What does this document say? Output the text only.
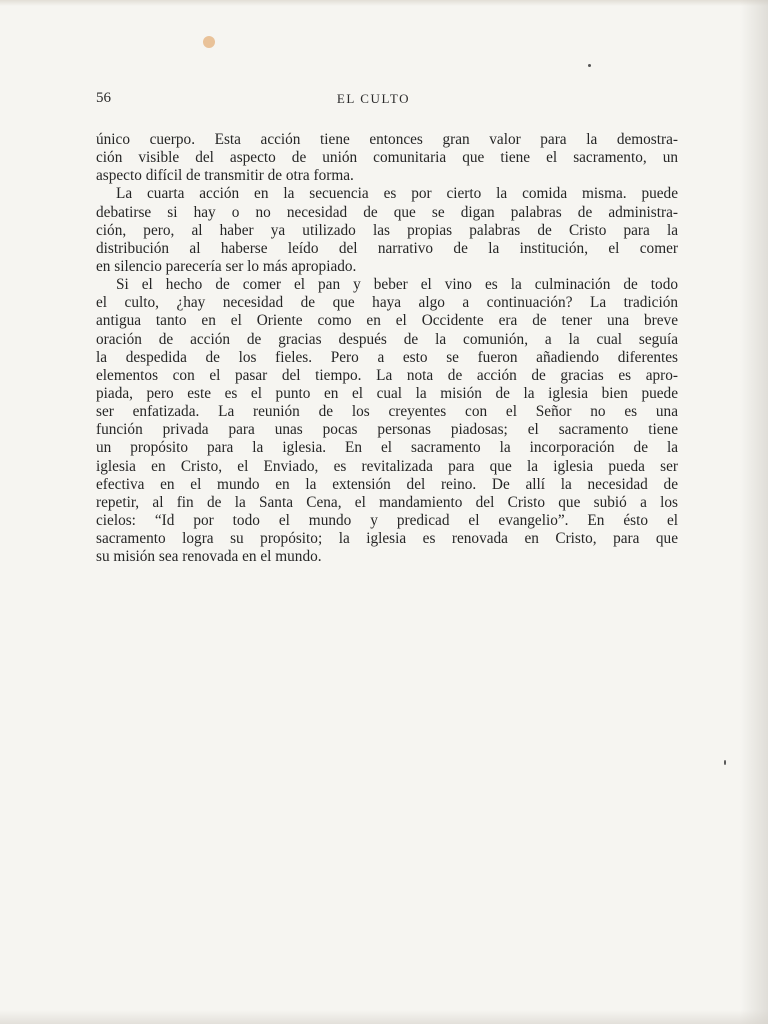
56	EL CULTO
único cuerpo. Esta acción tiene entonces gran valor para la demostra-
ción visible del aspecto de unión comunitaria que tiene el sacramento, un
aspecto difícil de transmitir de otra forma.
La cuarta acción en la secuencia es por cierto la comida misma. puede
debatirse si hay o no necesidad de que se digan palabras de administra-
ción, pero, al haber ya utilizado las propias palabras de Cristo para la
distribución al haberse leído del narrativo de la institución, el comer
en silencio parecería ser lo más apropiado.
Si el hecho de comer el pan y beber el vino es la culminación de todo
el culto, ¿hay necesidad de que haya algo a continuación? La tradición
antigua tanto en el Oriente como en el Occidente era de tener una breve
oración de acción de gracias después de la comunión, a la cual seguía
la despedida de los fieles. Pero a esto se fueron añadiendo diferentes
elementos con el pasar del tiempo. La nota de acción de gracias es apro-
piada, pero este es el punto en el cual la misión de la iglesia bien puede
ser enfatizada. La reunión de los creyentes con el Señor no es una
función privada para unas pocas personas piadosas; el sacramento tiene
un propósito para la iglesia. En el sacramento la incorporación de la
iglesia en Cristo, el Enviado, es revitalizada para que la iglesia pueda ser
efectiva en el mundo en la extensión del reino. De allí la necesidad de
repetir, al fin de la Santa Cena, el mandamiento del Cristo que subió a los
cielos: “Id por todo el mundo y predicad el evangelio”. En ésto el
sacramento logra su propósito; la iglesia es renovada en Cristo, para que
su misión sea renovada en el mundo.
